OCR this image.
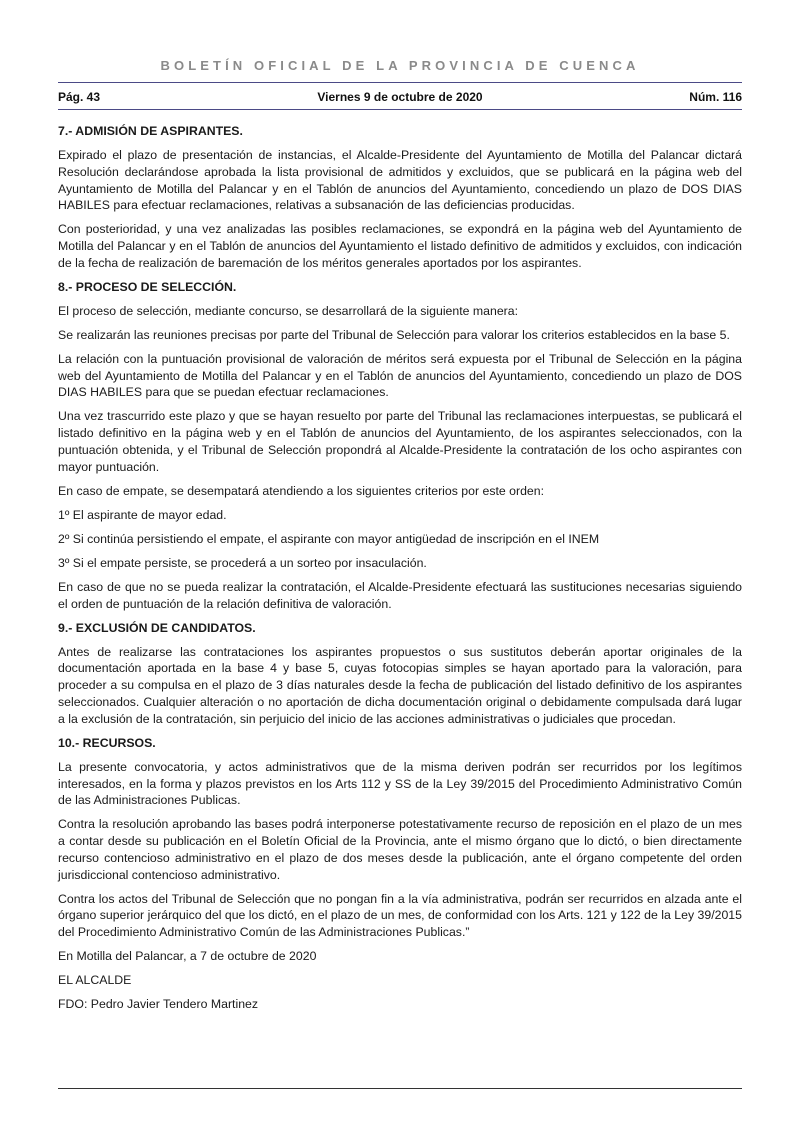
BOLETÍN OFICIAL DE LA PROVINCIA DE CUENCA
Pág. 43	Viernes 9 de octubre de 2020	Núm. 116
7.- ADMISIÓN DE ASPIRANTES.

Expirado el plazo de presentación de instancias, el Alcalde-Presidente del Ayuntamiento de Motilla del Palancar dictará Resolución declarándose aprobada la lista provisional de admitidos y excluidos, que se publicará en la página web del Ayuntamiento de Motilla del Palancar y en el Tablón de anuncios del Ayuntamiento, concediendo un plazo de DOS DIAS HABILES para efectuar reclamaciones, relativas a subsanación de las deficiencias producidas.

Con posterioridad, y una vez analizadas las posibles reclamaciones, se expondrá en la página web del Ayuntamiento de Motilla del Palancar y en el Tablón de anuncios del Ayuntamiento el listado definitivo de admitidos y excluidos, con indicación de la fecha de realización de baremación de los méritos generales aportados por los aspirantes.

8.- PROCESO DE SELECCIÓN.

El proceso de selección, mediante concurso, se desarrollará de la siguiente manera:

Se realizarán las reuniones precisas por parte del Tribunal de Selección para valorar los criterios establecidos en la base 5.

La relación con la puntuación provisional de valoración de méritos será expuesta por el Tribunal de Selección en la página web del Ayuntamiento de Motilla del Palancar y en el Tablón de anuncios del Ayuntamiento, concediendo un plazo de DOS DIAS HABILES para que se puedan efectuar reclamaciones.

Una vez trascurrido este plazo y que se hayan resuelto por parte del Tribunal las reclamaciones interpuestas, se publicará el listado definitivo en la página web y en el Tablón de anuncios del Ayuntamiento, de los aspirantes seleccionados, con la puntuación obtenida, y el Tribunal de Selección propondrá al Alcalde-Presidente la contratación de los ocho aspirantes con mayor puntuación.

En caso de empate, se desempatará atendiendo a los siguientes criterios por este orden:

1º El aspirante de mayor edad.

2º Si continúa persistiendo el empate, el aspirante con mayor antigüedad de inscripción en el INEM

3º Si el empate persiste, se procederá a un sorteo por insaculación.

En caso de que no se pueda realizar la contratación, el Alcalde-Presidente efectuará las sustituciones necesarias siguiendo el orden de puntuación de la relación definitiva de valoración.

9.- EXCLUSIÓN DE CANDIDATOS.

Antes de realizarse las contrataciones los aspirantes propuestos o sus sustitutos deberán aportar originales de la documentación aportada en la base 4 y base 5, cuyas fotocopias simples se hayan aportado para la valoración, para proceder a su compulsa en el plazo de 3 días naturales desde la fecha de publicación del listado definitivo de los aspirantes seleccionados. Cualquier alteración o no aportación de dicha documentación original o debidamente compulsada dará lugar a la exclusión de la contratación, sin perjuicio del inicio de las acciones administrativas o judiciales que procedan.

10.- RECURSOS.

La presente convocatoria, y actos administrativos que de la misma deriven podrán ser recurridos por los legítimos interesados, en la forma y plazos previstos en los Arts 112 y SS de la Ley 39/2015 del Procedimiento Administrativo Común de las Administraciones Publicas.

Contra la resolución aprobando las bases podrá interponerse potestativamente recurso de reposición en el plazo de un mes a contar desde su publicación en el Boletín Oficial de la Provincia, ante el mismo órgano que lo dictó, o bien directamente recurso contencioso administrativo en el plazo de dos meses desde la publicación, ante el órgano competente del orden jurisdiccional contencioso administrativo.

Contra los actos del Tribunal de Selección que no pongan fin a la vía administrativa, podrán ser recurridos en alzada ante el órgano superior jerárquico del que los dictó, en el plazo de un mes, de conformidad con los Arts. 121 y 122 de la Ley 39/2015 del Procedimiento Administrativo Común de las Administraciones Publicas.”

En Motilla del Palancar, a 7 de octubre de 2020

EL ALCALDE

FDO: Pedro Javier Tendero Martinez
